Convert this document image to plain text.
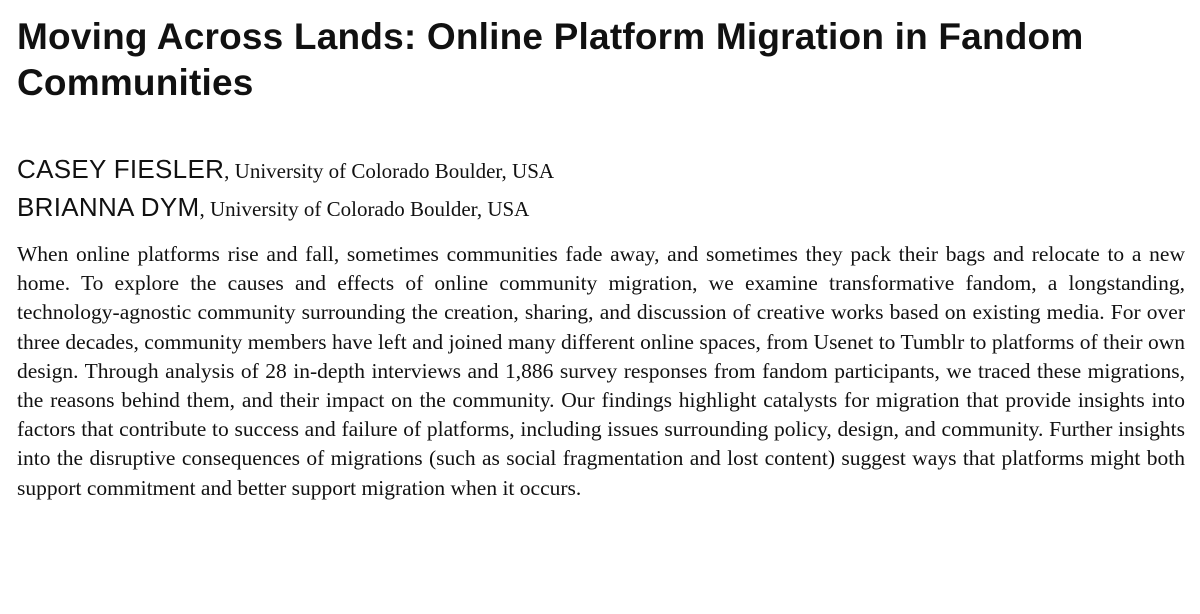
Moving Across Lands: Online Platform Migration in Fandom Communities
CASEY FIESLER, University of Colorado Boulder, USA
BRIANNA DYM, University of Colorado Boulder, USA

When online platforms rise and fall, sometimes communities fade away, and sometimes they pack their bags and relocate to a new home. To explore the causes and effects of online community migration, we examine transformative fandom, a longstanding, technology-agnostic community surrounding the creation, sharing, and discussion of creative works based on existing media. For over three decades, community members have left and joined many different online spaces, from Usenet to Tumblr to platforms of their own design. Through analysis of 28 in-depth interviews and 1,886 survey responses from fandom participants, we traced these migrations, the reasons behind them, and their impact on the community. Our findings highlight catalysts for migration that provide insights into factors that contribute to success and failure of platforms, including issues surrounding policy, design, and community. Further insights into the disruptive consequences of migrations (such as social fragmentation and lost content) suggest ways that platforms might both support commitment and better support migration when it occurs.
